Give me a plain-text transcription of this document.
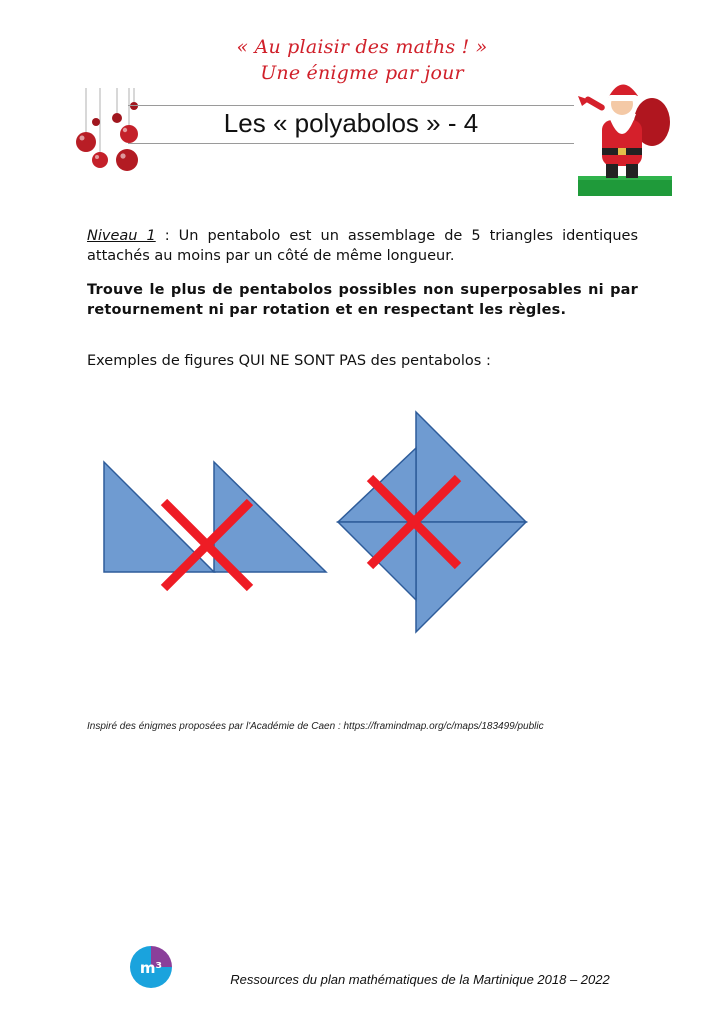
« Au plaisir des maths ! »
Une énigme par jour
Les « polyabolos » - 4
Niveau 1 : Un pentabolo est un assemblage de 5 triangles identiques attachés au moins par un côté de même longueur.
Trouve le plus de pentabolos possibles non superposables ni par retournement ni par rotation et en respectant les règles.
Exemples de figures QUI NE SONT PAS des pentabolos :
Inspiré des énigmes proposées par l'Académie de Caen : https://framindmap.org/c/maps/183499/public
m³
Ressources du plan mathématiques de la Martinique 2018 – 2022
